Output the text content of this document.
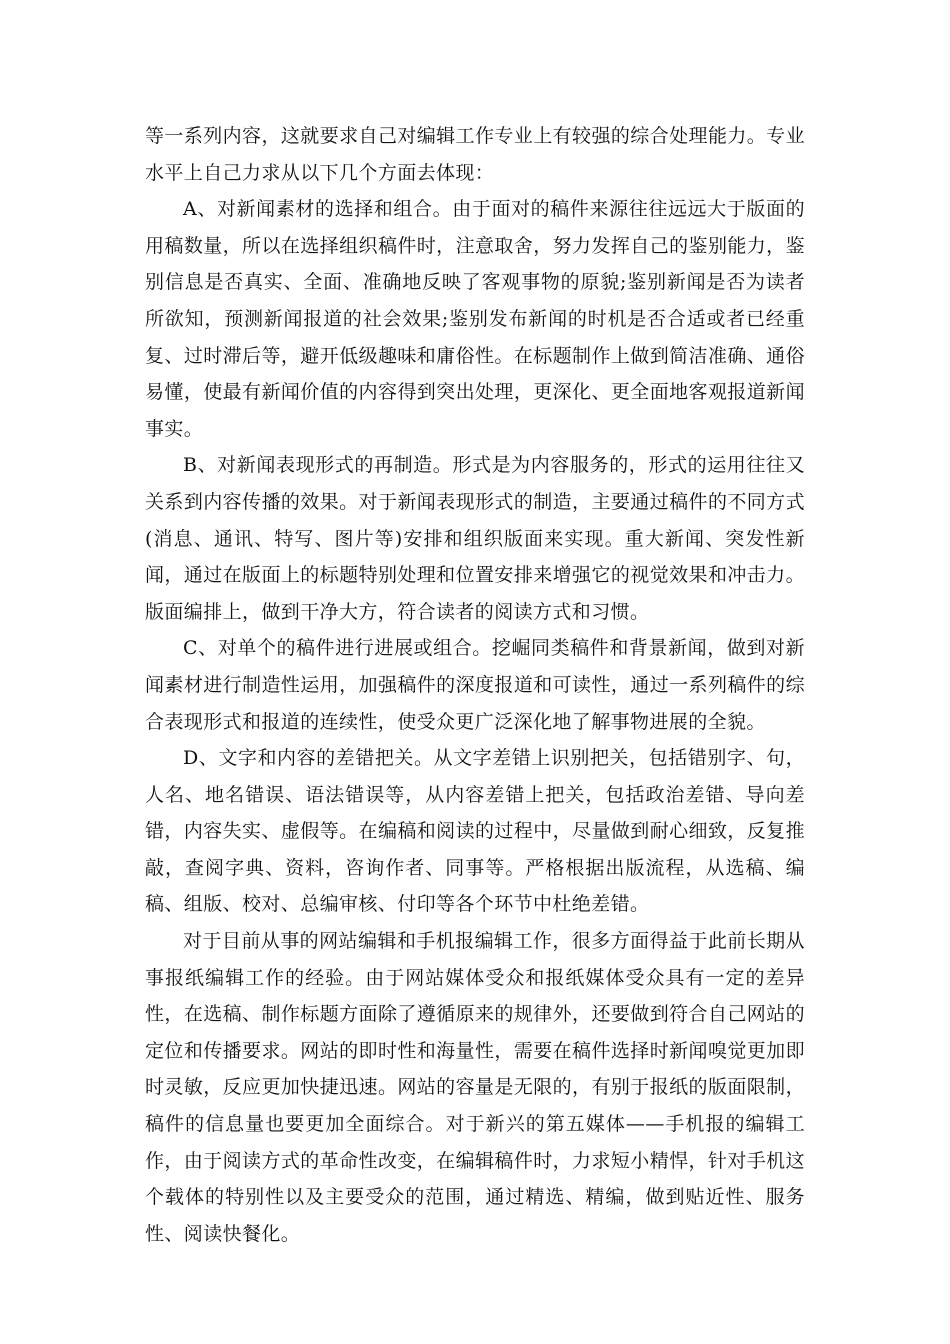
等一系列内容，这就要求自己对编辑工作专业上有较强的综合处理能力。专业水平上自己力求从以下几个方面去体现：

A、对新闻素材的选择和组合。由于面对的稿件来源往往远远大于版面的用稿数量，所以在选择组织稿件时，注意取舍，努力发挥自己的鉴别能力，鉴别信息是否真实、全面、准确地反映了客观事物的原貌;鉴别新闻是否为读者所欲知，预测新闻报道的社会效果;鉴别发布新闻的时机是否合适或者已经重复、过时滞后等，避开低级趣味和庸俗性。在标题制作上做到简洁准确、通俗易懂，使最有新闻价值的内容得到突出处理，更深化、更全面地客观报道新闻事实。

B、对新闻表现形式的再制造。形式是为内容服务的，形式的运用往往又关系到内容传播的效果。对于新闻表现形式的制造，主要通过稿件的不同方式(消息、通讯、特写、图片等)安排和组织版面来实现。重大新闻、突发性新闻，通过在版面上的标题特别处理和位置安排来增强它的视觉效果和冲击力。版面编排上，做到干净大方，符合读者的阅读方式和习惯。

C、对单个的稿件进行进展或组合。挖崛同类稿件和背景新闻，做到对新闻素材进行制造性运用，加强稿件的深度报道和可读性，通过一系列稿件的综合表现形式和报道的连续性，使受众更广泛深化地了解事物进展的全貌。

D、文字和内容的差错把关。从文字差错上识别把关，包括错别字、句，人名、地名错误、语法错误等，从内容差错上把关，包括政治差错、导向差错，内容失实、虚假等。在编稿和阅读的过程中，尽量做到耐心细致，反复推敲，查阅字典、资料，咨询作者、同事等。严格根据出版流程，从选稿、编稿、组版、校对、总编审核、付印等各个环节中杜绝差错。

对于目前从事的网站编辑和手机报编辑工作，很多方面得益于此前长期从事报纸编辑工作的经验。由于网站媒体受众和报纸媒体受众具有一定的差异性，在选稿、制作标题方面除了遵循原来的规律外，还要做到符合自己网站的定位和传播要求。网站的即时性和海量性，需要在稿件选择时新闻嗅觉更加即时灵敏，反应更加快捷迅速。网站的容量是无限的，有别于报纸的版面限制，稿件的信息量也要更加全面综合。对于新兴的第五媒体——手机报的编辑工作，由于阅读方式的革命性改变，在编辑稿件时，力求短小精悍，针对手机这个载体的特别性以及主要受众的范围，通过精选、精编，做到贴近性、服务性、阅读快餐化。
